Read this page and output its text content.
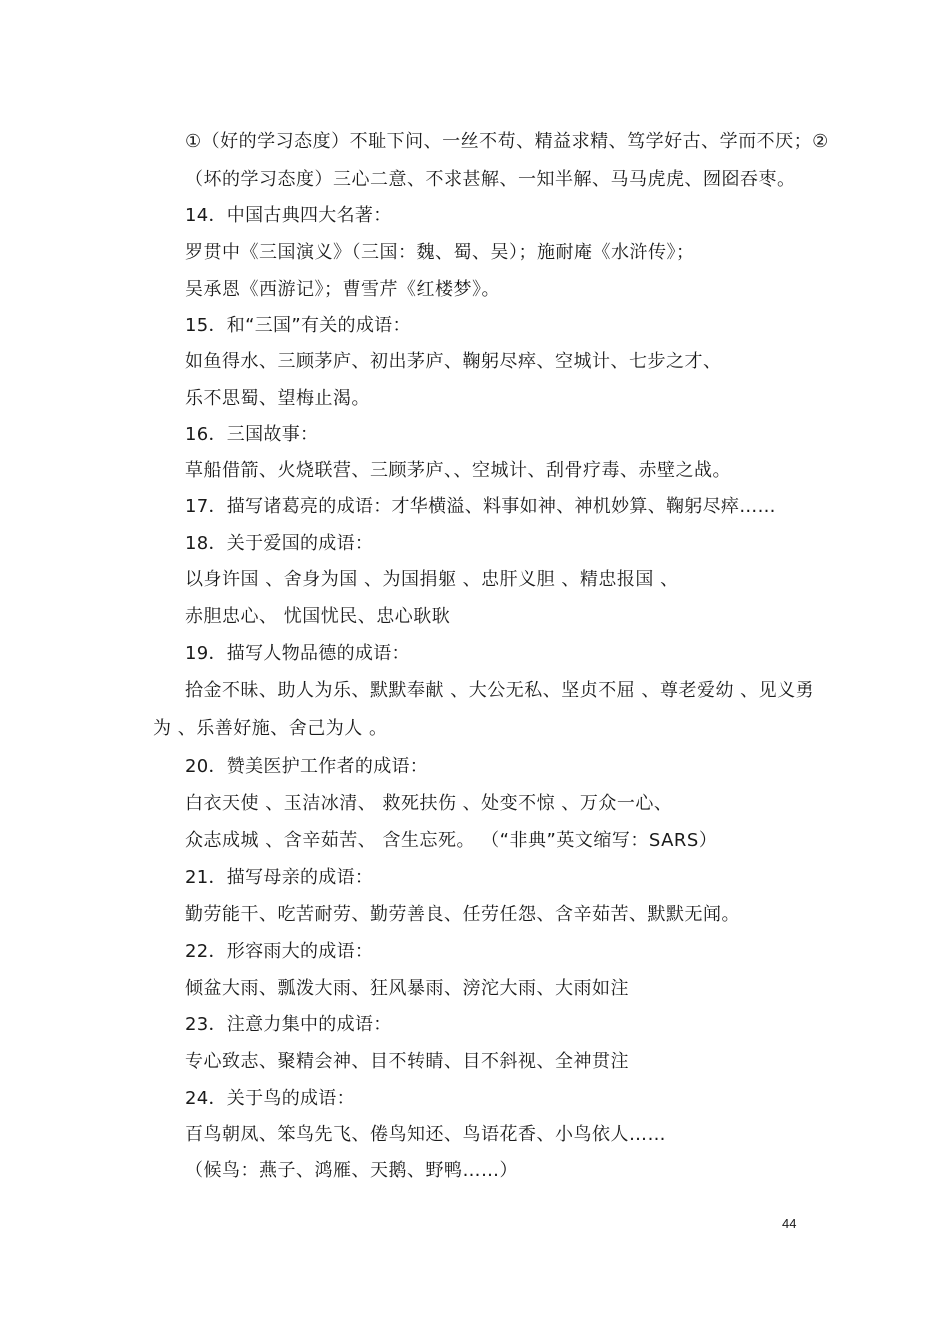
①（好的学习态度）不耻下问、一丝不苟、精益求精、笃学好古、学而不厌；②
（坏的学习态度）三心二意、不求甚解、一知半解、马马虎虎、囫囵吞枣。
14．中国古典四大名著：
罗贯中《三国演义》（三国：魏、蜀、吴）；施耐庵《水浒传》；
吴承恩《西游记》；曹雪芹《红楼梦》。
15．和“三国”有关的成语：
如鱼得水、三顾茅庐、初出茅庐、鞠躬尽瘁、空城计、七步之才、
乐不思蜀、望梅止渴。
16．三国故事：
草船借箭、火烧联营、三顾茅庐、、空城计、刮骨疗毒、赤壁之战。
17．描写诸葛亮的成语：才华横溢、料事如神、神机妙算、鞠躬尽瘁……
18．关于爱国的成语：
以身许国 、舍身为国 、为国捐躯 、忠肝义胆 、精忠报国 、
赤胆忠心、 忧国忧民、忠心耿耿
19．描写人物品德的成语：
拾金不昧、助人为乐、默默奉献 、大公无私、坚贞不屈 、尊老爱幼 、见义勇
为 、乐善好施、舍己为人 。
20．赞美医护工作者的成语：
白衣天使 、玉洁冰清、 救死扶伤 、处变不惊 、万众一心、
众志成城 、含辛茹苦、 含生忘死。 （“非典”英文缩写：SARS）
21．描写母亲的成语：
勤劳能干、吃苦耐劳、勤劳善良、任劳任怨、含辛茹苦、默默无闻。
22．形容雨大的成语：
倾盆大雨、瓢泼大雨、狂风暴雨、滂沱大雨、大雨如注
23．注意力集中的成语：
专心致志、聚精会神、目不转睛、目不斜视、全神贯注
24．关于鸟的成语：
百鸟朝凤、笨鸟先飞、倦鸟知还、鸟语花香、小鸟依人……
（候鸟：燕子、鸿雁、天鹅、野鸭……）
44
